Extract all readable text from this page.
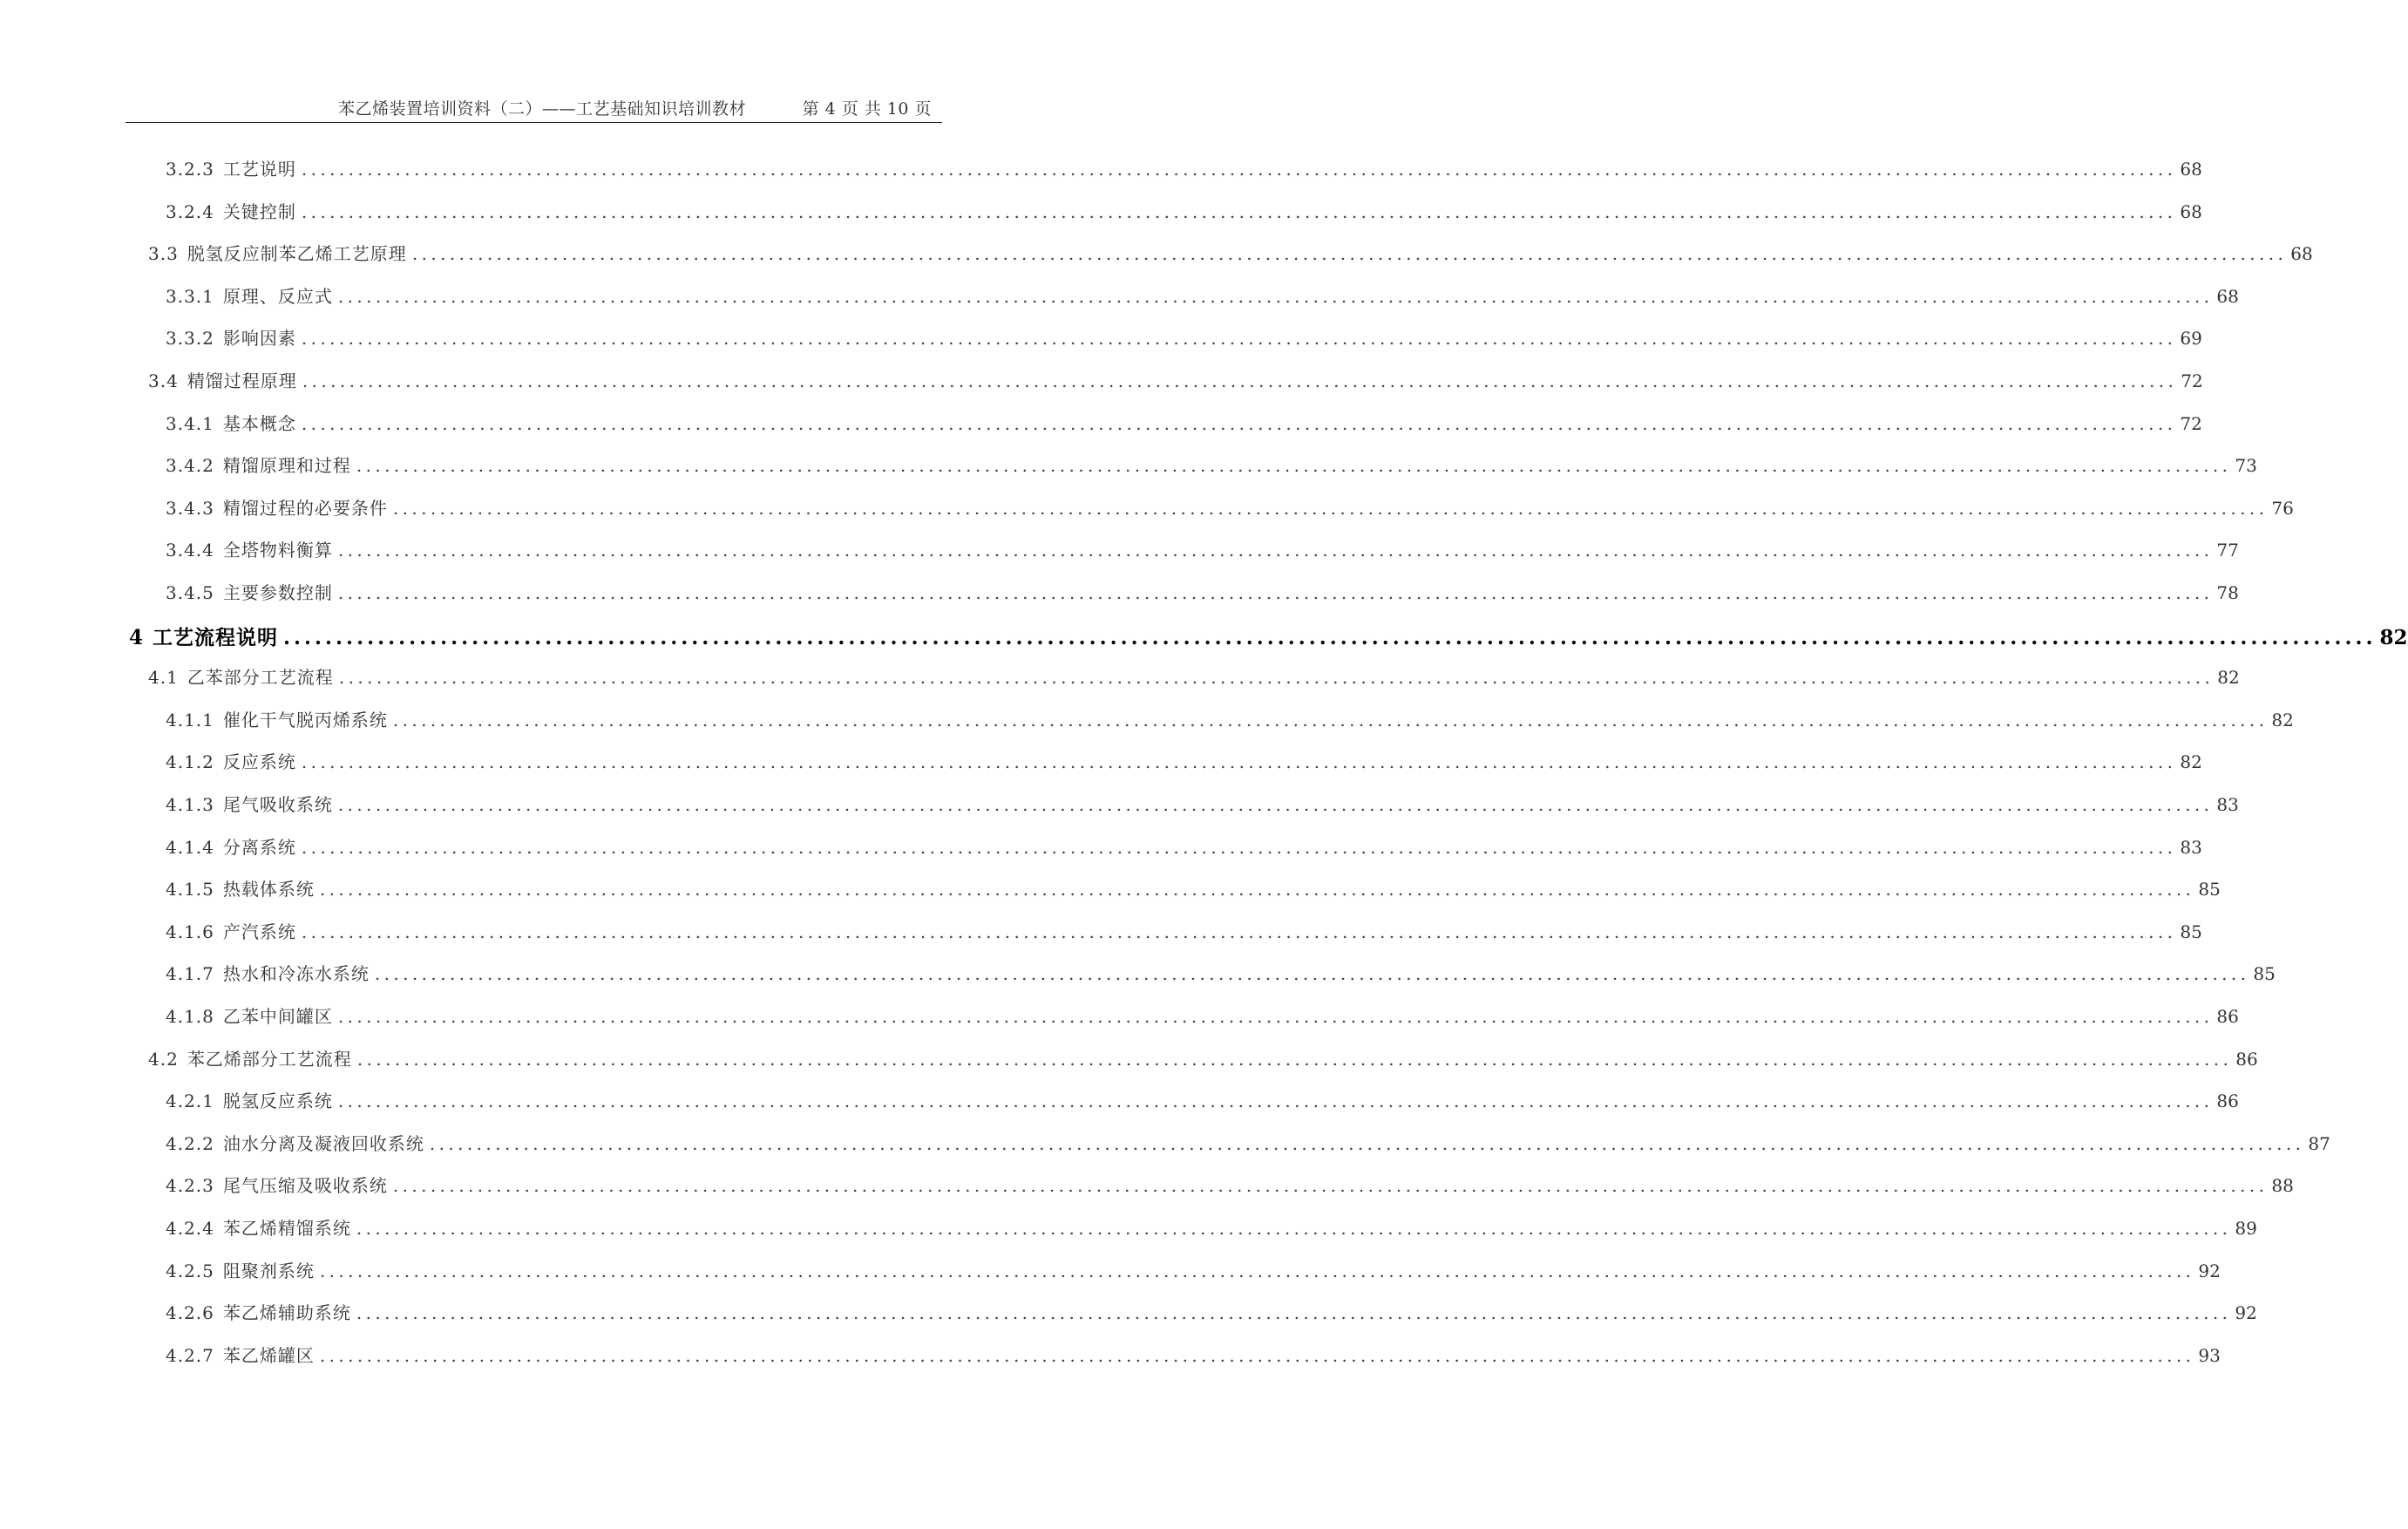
苯乙烯装置培训资料（二）——工艺基础知识培训教材	第 4 页 共 10 页
3.2.3 工艺说明 ........................................................................................................................................................................................................ 68
3.2.4 关键控制 ........................................................................................................................................................................................................ 68
3.3 脱氢反应制苯乙烯工艺原理 ........................................................................................................................................................................................................ 68
3.3.1 原理、反应式 ........................................................................................................................................................................................................ 68
3.3.2 影响因素 ........................................................................................................................................................................................................ 69
3.4 精馏过程原理 ........................................................................................................................................................................................................ 72
3.4.1 基本概念 ........................................................................................................................................................................................................ 72
3.4.2 精馏原理和过程 ........................................................................................................................................................................................................ 73
3.4.3 精馏过程的必要条件 ........................................................................................................................................................................................................ 76
3.4.4 全塔物料衡算 ........................................................................................................................................................................................................ 77
3.4.5 主要参数控制 ........................................................................................................................................................................................................ 78
4 工艺流程说明 ........................................................................................................................................................................................................ 82
4.1 乙苯部分工艺流程 ........................................................................................................................................................................................................ 82
4.1.1 催化干气脱丙烯系统 ........................................................................................................................................................................................................ 82
4.1.2 反应系统 ........................................................................................................................................................................................................ 82
4.1.3 尾气吸收系统 ........................................................................................................................................................................................................ 83
4.1.4 分离系统 ........................................................................................................................................................................................................ 83
4.1.5 热载体系统 ........................................................................................................................................................................................................ 85
4.1.6 产汽系统 ........................................................................................................................................................................................................ 85
4.1.7 热水和冷冻水系统 ........................................................................................................................................................................................................ 85
4.1.8 乙苯中间罐区 ........................................................................................................................................................................................................ 86
4.2 苯乙烯部分工艺流程 ........................................................................................................................................................................................................ 86
4.2.1 脱氢反应系统 ........................................................................................................................................................................................................ 86
4.2.2 油水分离及凝液回收系统 ........................................................................................................................................................................................................ 87
4.2.3 尾气压缩及吸收系统 ........................................................................................................................................................................................................ 88
4.2.4 苯乙烯精馏系统 ........................................................................................................................................................................................................ 89
4.2.5 阻聚剂系统 ........................................................................................................................................................................................................ 92
4.2.6 苯乙烯辅助系统 ........................................................................................................................................................................................................ 92
4.2.7 苯乙烯罐区 ........................................................................................................................................................................................................ 93
